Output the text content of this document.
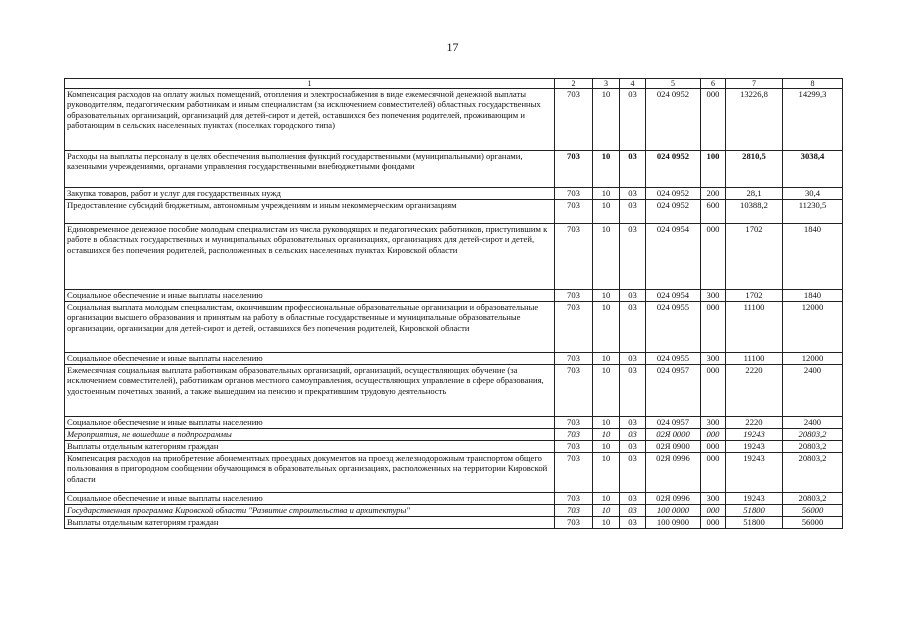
17
1	2	3	4	5	6	7	8
Компенсация расходов на оплату жилых помещений, отопления и электроснабжения в виде ежемесячной денежной выплаты руководителям, педагогическим работникам и иным специалистам (за исключением совместителей) областных государственных образовательных организаций, организаций для детей-сирот и детей, оставшихся без попечения родителей, проживающим и работающим в сельских населенных пунктах (поселках городского типа)	703	10	03	024 0952	000	13226,8	14299,3
Расходы на выплаты персоналу в целях обеспечения выполнения функций государственными (муниципальными) органами, казенными учреждениями, органами управления государственными внебюджетными фондами	703	10	03	024 0952	100	2810,5	3038,4
Закупка товаров, работ и услуг для государственных нужд	703	10	03	024 0952	200	28,1	30,4
Предоставление субсидий бюджетным, автономным учреждениям и иным некоммерческим организациям	703	10	03	024 0952	600	10388,2	11230,5
Единовременное денежное пособие молодым специалистам из числа руководящих и педагогических работников, приступившим к работе в областных государственных и муниципальных образовательных организациях, организациях для детей-сирот и детей, оставшихся без попечения родителей, расположенных в сельских населенных пунктах Кировской области	703	10	03	024 0954	000	1702	1840
Социальное обеспечение и иные выплаты населению	703	10	03	024 0954	300	1702	1840
Социальная выплата молодым специалистам, окончившим профессиональные образовательные организации и образовательные организации высшего образования и принятым на работу в областные государственные и муниципальные образовательные организации, организации для детей-сирот и детей, оставшихся без попечения родителей, Кировской области	703	10	03	024 0955	000	11100	12000
Социальное обеспечение и иные выплаты населению	703	10	03	024 0955	300	11100	12000
Ежемесячная социальная выплата работникам образовательных организаций, организаций, осуществляющих обучение (за исключением совместителей), работникам органов местного самоуправления, осуществляющих управление в сфере образования, удостоенным почетных званий, а также вышедшим на пенсию и прекратившим трудовую деятельность	703	10	03	024 0957	000	2220	2400
Социальное обеспечение и иные выплаты населению	703	10	03	024 0957	300	2220	2400
Мероприятия, не вошедшие в подпрограммы	703	10	03	02Я 0000	000	19243	20803,2
Выплаты отдельным категориям граждан	703	10	03	02Я 0900	000	19243	20803,2
Компенсация расходов на приобретение абонементных проездных документов на проезд железнодорожным транспортом общего пользования в пригородном сообщении обучающимся в образовательных организациях, расположенных на территории Кировской области	703	10	03	02Я 0996	000	19243	20803,2
Социальное обеспечение и иные выплаты населению	703	10	03	02Я 0996	300	19243	20803,2
Государственная программа Кировской области "Развитие строительства и архитектуры"	703	10	03	100 0000	000	51800	56000
Выплаты отдельным категориям граждан	703	10	03	100 0900	000	51800	56000
